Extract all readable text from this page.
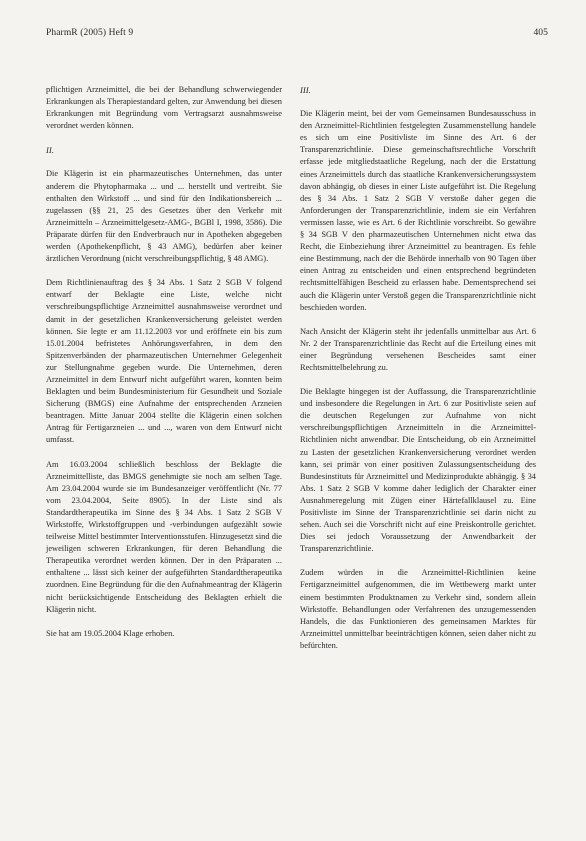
PharmR (2005) Heft 9	405

pflichtigen Arzneimittel, die bei der Behandlung schwerwiegender Erkrankungen als Therapiestandard gelten, zur Anwendung bei diesen Erkrankungen mit Begründung vom Vertragsarzt ausnahmsweise verordnet werden können.

II.

Die Klägerin ist ein pharmazeutisches Unternehmen, das unter anderem die Phytopharmaka ... und ... herstellt und vertreibt. Sie enthalten den Wirkstoff ... und sind für den Indikationsbereich ... zugelassen (§§ 21, 25 des Gesetzes über den Verkehr mit Arzneimitteln – Arzneimittelgesetz-AMG-, BGBl I, 1998, 3586). Die Präparate dürfen für den Endverbrauch nur in Apotheken abgegeben werden (Apothekenpflicht, § 43 AMG), bedürfen aber keiner ärztlichen Verordnung (nicht verschreibungspflichtig, § 48 AMG).

Dem Richtlinienauftrag des § 34 Abs. 1 Satz 2 SGB V folgend entwarf der Beklagte eine Liste, welche nicht verschreibungspflichtige Arzneimittel ausnahmsweise verordnet und damit in der gesetzlichen Krankenversicherung geleistet werden können. Sie legte er am 11.12.2003 vor und eröffnete ein bis zum 15.01.2004 befristetes Anhörungsverfahren, in dem den Spitzenverbänden der pharmazeutischen Unternehmer Gelegenheit zur Stellungnahme gegeben wurde. Die Unternehmen, deren Arzneimittel in dem Entwurf nicht aufgeführt waren, konnten beim Beklagten und beim Bundesministerium für Gesundheit und Soziale Sicherung (BMGS) eine Aufnahme der entsprechenden Arzneien beantragen. Mitte Januar 2004 stellte die Klägerin einen solchen Antrag für Fertigarzneien ... und ..., waren von dem Entwurf nicht umfasst.

Am 16.03.2004 schließlich beschloss der Beklagte die Arzneimittelliste, das BMGS genehmigte sie noch am selben Tage. Am 23.04.2004 wurde sie im Bundesanzeiger veröffentlicht (Nr. 77 vom 23.04.2004, Seite 8905). In der Liste sind als Standardtherapeutika im Sinne des § 34 Abs. 1 Satz 2 SGB V Wirkstoffe, Wirkstoffgruppen und -verbindungen aufgezählt sowie teilweise Mittel bestimmter Interventionsstufen. Hinzugesetzt sind die jeweiligen schweren Erkrankungen, für deren Behandlung die Therapeutika verordnet werden können. Der in den Präparaten ... enthaltene ... lässt sich keiner der aufgeführten Standardtherapeutika zuordnen. Eine Begründung für die den Aufnahmeantrag der Klägerin nicht berücksichtigende Entscheidung des Beklagten erhielt die Klägerin nicht.

Sie hat am 19.05.2004 Klage erhoben.

III.

Die Klägerin meint, bei der vom Gemeinsamen Bundesausschuss in den Arzneimittel-Richtlinien festgelegten Zusammenstellung handele es sich um eine Positivliste im Sinne des Art. 6 der Transparenzrichtlinie. Diese gemeinschaftsrechtliche Vorschrift erfasse jede mitgliedstaatliche Regelung, nach der die Erstattung eines Arzneimittels durch das staatliche Krankenversicherungssystem davon abhängig, ob dieses in einer Liste aufgeführt ist. Die Regelung des § 34 Abs. 1 Satz 2 SGB V verstoße daher gegen die Anforderungen der Transparenzrichtlinie, indem sie ein Verfahren vermissen lasse, wie es Art. 6 der Richtlinie vorschreibt. So gewähre § 34 SGB V den pharmazeutischen Unternehmen nicht etwa das Recht, die Einbeziehung ihrer Arzneimittel zu beantragen. Es fehle eine Bestimmung, nach der die Behörde innerhalb von 90 Tagen über einen Antrag zu entscheiden und einen entsprechend begründeten rechtsmittelfähigen Bescheid zu erlassen habe. Dementsprechend sei auch die Klägerin unter Verstoß gegen die Transparenzrichtlinie nicht beschieden worden.

Nach Ansicht der Klägerin steht ihr jedenfalls unmittelbar aus Art. 6 Nr. 2 der Transparenzrichtlinie das Recht auf die Erteilung eines mit einer Begründung versehenen Bescheides samt einer Rechtsmittelbelehrung zu.

Die Beklagte hingegen ist der Auffassung, die Transparenzrichtlinie und insbesondere die Regelungen in Art. 6 zur Positivliste seien auf die deutschen Regelungen zur Aufnahme von nicht verschreibungspflichtigen Arzneimitteln in die Arzneimittel-Richtlinien nicht anwendbar. Die Entscheidung, ob ein Arzneimittel zu Lasten der gesetzlichen Krankenversicherung verordnet werden kann, sei primär von einer positiven Zulassungsentscheidung des Bundesinstituts für Arzneimittel und Medizinprodukte abhängig. § 34 Abs. 1 Satz 2 SGB V komme daher lediglich der Charakter einer Ausnahmeregelung mit Zügen einer Härtefallklausel zu. Eine Positivliste im Sinne der Transparenzrichtlinie sei darin nicht zu sehen. Auch sei die Vorschrift nicht auf eine Preiskontrolle gerichtet. Dies sei jedoch Voraussetzung der Anwendbarkeit der Transparenzrichtlinie.

Zudem würden in die Arzneimittel-Richtlinien keine Fertigarzneimittel aufgenommen, die im Wettbewerg markt unter einem bestimmten Produktnamen zu Verkehr sind, sondern allein Wirkstoffe. Behandlungen oder Verfahrenen des unzugemessenden Handels, die das Funktionieren des gemeinsamen Marktes für Arzneimittel unmittelbar beeinträchtigen können, seien daher nicht zu befürchten.
